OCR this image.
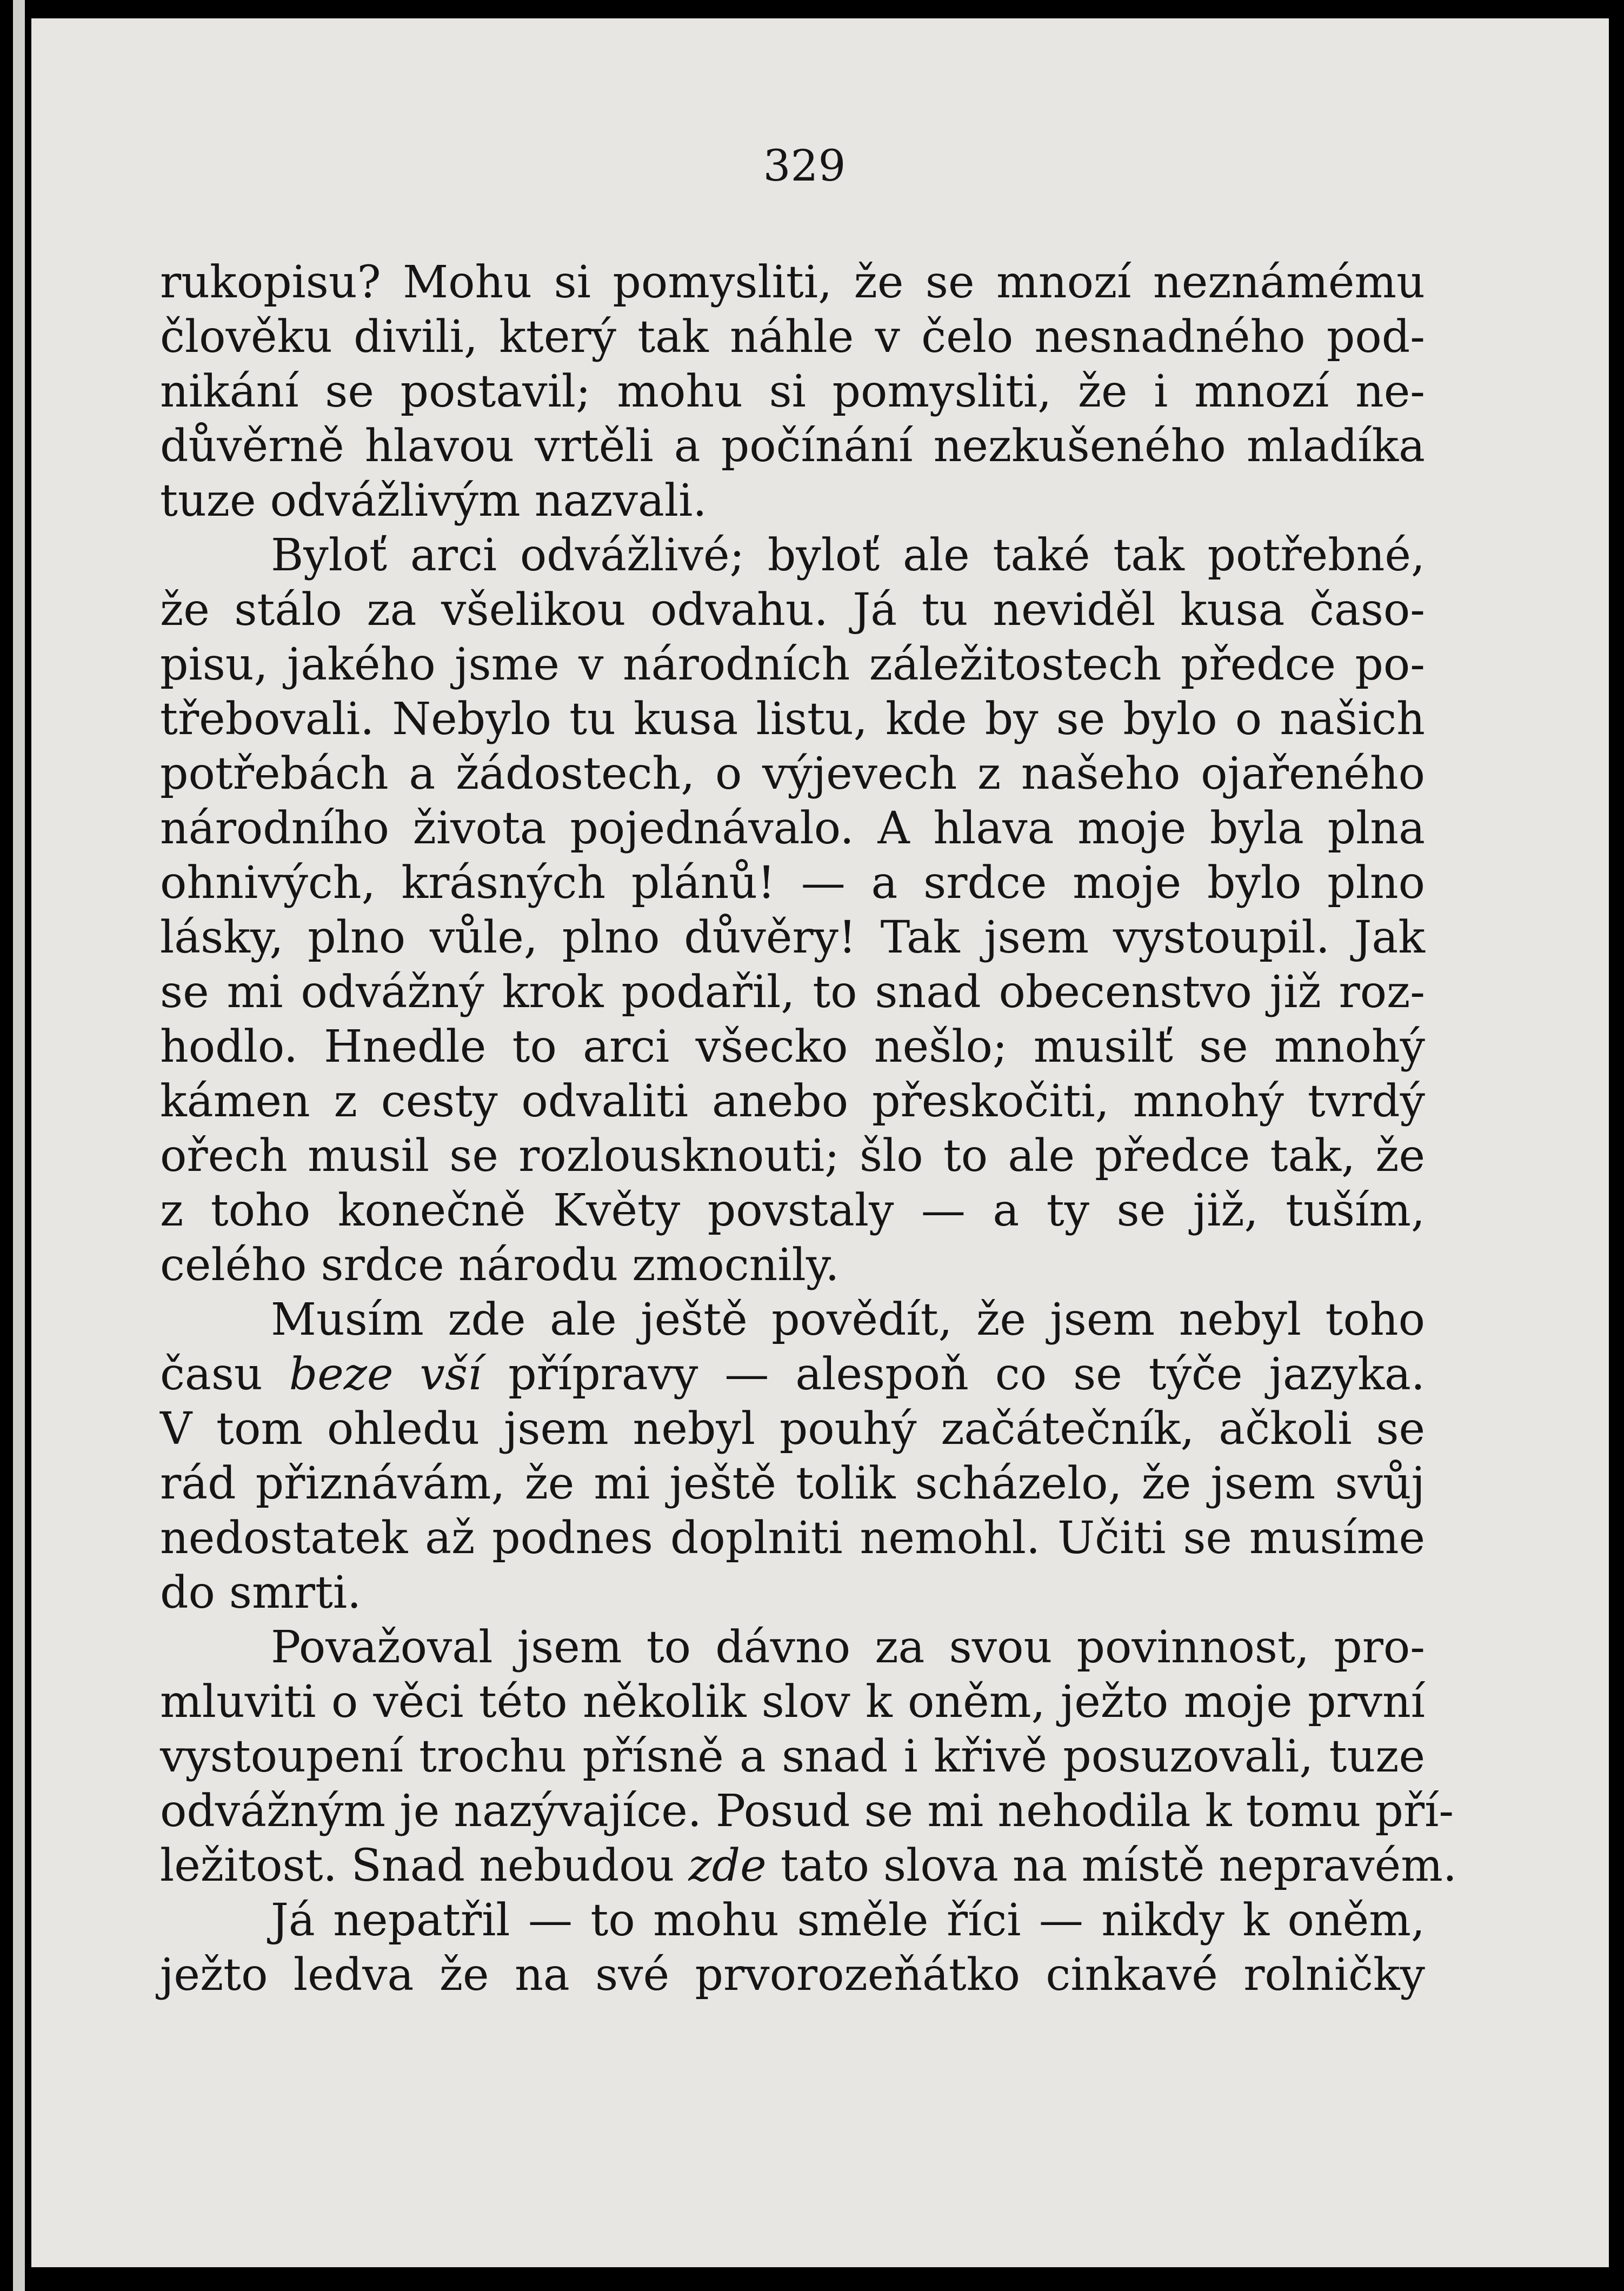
329

rukopisu? Mohu si pomysliti, že se mnozí neznámému
člověku divili, který tak náhle v čelo nesnadného pod-
nikání se postavil; mohu si pomysliti, že i mnozí ne-
důvěrně hlavou vrtěli a počínání nezkušeného mladíka
tuze odvážlivým nazvali.
Byloť arci odvážlivé; byloť ale také tak potřebné,
že stálo za všelikou odvahu. Já tu neviděl kusa časo-
pisu, jakého jsme v národních záležitostech předce po-
třebovali. Nebylo tu kusa listu, kde by se bylo o našich
potřebách a žádostech, o výjevech z našeho ojařeného
národního života pojednávalo. A hlava moje byla plna
ohnivých, krásných plánů! — a srdce moje bylo plno
lásky, plno vůle, plno důvěry! Tak jsem vystoupil. Jak
se mi odvážný krok podařil, to snad obecenstvo již roz-
hodlo. Hnedle to arci všecko nešlo; musilť se mnohý
kámen z cesty odvaliti anebo přeskočiti, mnohý tvrdý
ořech musil se rozlousknouti; šlo to ale předce tak, že
z toho konečně Květy povstaly — a ty se již, tuším,
celého srdce národu zmocnily.
Musím zde ale ještě povědít, že jsem nebyl toho
času beze vší přípravy — alespoň co se týče jazyka.
V tom ohledu jsem nebyl pouhý začátečník, ačkoli se
rád přiznávám, že mi ještě tolik scházelo, že jsem svůj
nedostatek až podnes doplniti nemohl. Učiti se musíme
do smrti.
Považoval jsem to dávno za svou povinnost, pro-
mluviti o věci této několik slov k oněm, ježto moje první
vystoupení trochu přísně a snad i křivě posuzovali, tuze
odvážným je nazývajíce. Posud se mi nehodila k tomu pří-
ležitost. Snad nebudou zde tato slova na místě nepravém.
Já nepatřil — to mohu směle říci — nikdy k oněm,
ježto ledva že na své prvorozeňátko cinkavé rolničky
